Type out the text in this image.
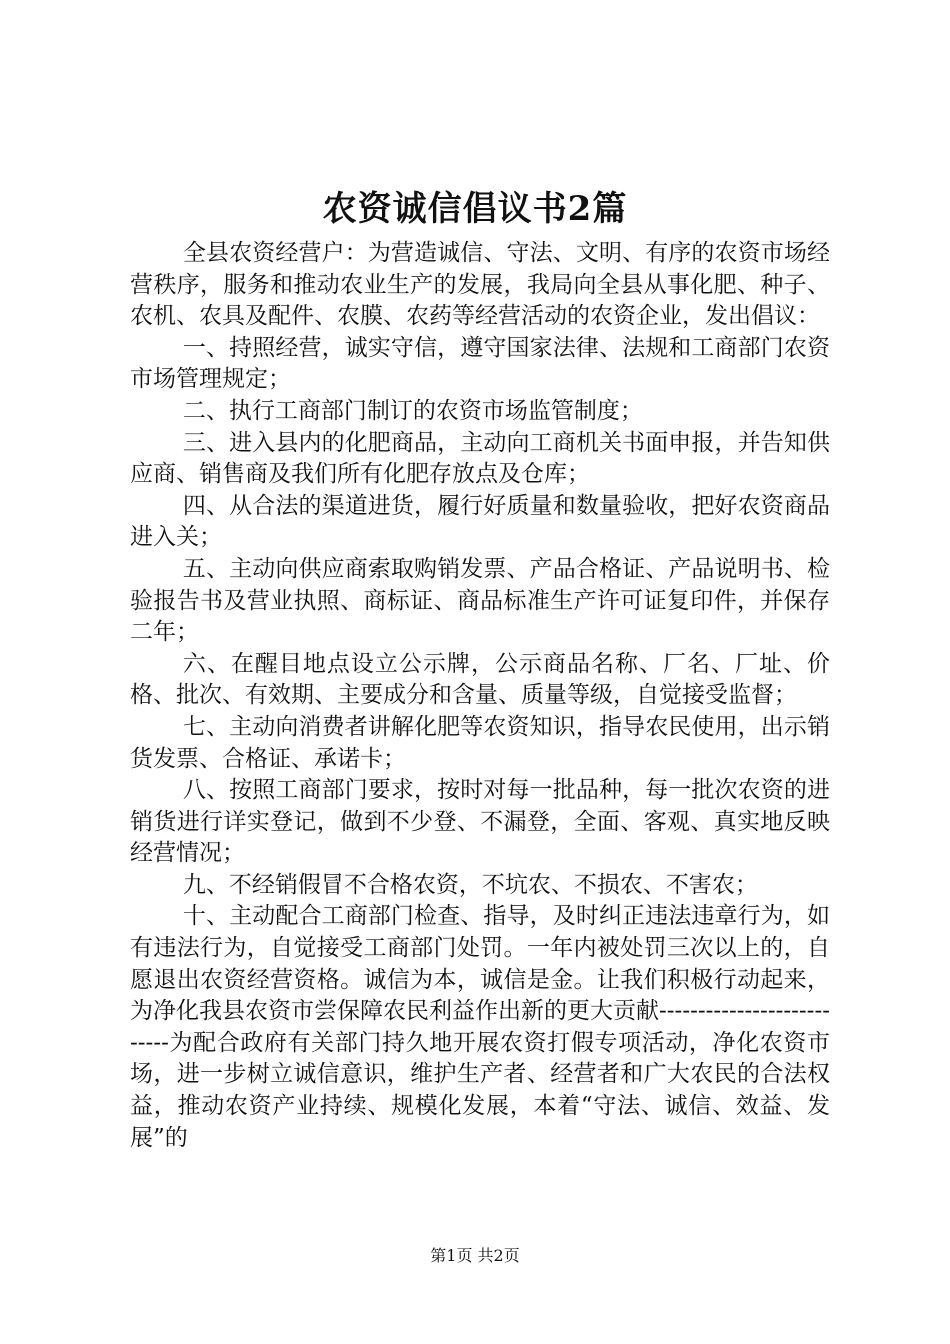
农资诚信倡议书2篇

全县农资经营户：为营造诚信、守法、文明、有序的农资市场经营秩序，服务和推动农业生产的发展，我局向全县从事化肥、种子、农机、农具及配件、农膜、农药等经营活动的农资企业，发出倡议：

一、持照经营，诚实守信，遵守国家法律、法规和工商部门农资市场管理规定；

二、执行工商部门制订的农资市场监管制度；

三、进入县内的化肥商品，主动向工商机关书面申报，并告知供应商、销售商及我们所有化肥存放点及仓库；

四、从合法的渠道进货，履行好质量和数量验收，把好农资商品进入关；

五、主动向供应商索取购销发票、产品合格证、产品说明书、检验报告书及营业执照、商标证、商品标准生产许可证复印件，并保存二年；

六、在醒目地点设立公示牌，公示商品名称、厂名、厂址、价格、批次、有效期、主要成分和含量、质量等级，自觉接受监督；

七、主动向消费者讲解化肥等农资知识，指导农民使用，出示销货发票、合格证、承诺卡；

八、按照工商部门要求，按时对每一批品种，每一批次农资的进销货进行详实登记，做到不少登、不漏登，全面、客观、真实地反映经营情况；

九、不经销假冒不合格农资，不坑农、不损农、不害农；

十、主动配合工商部门检查、指导，及时纠正违法违章行为，如有违法行为，自觉接受工商部门处罚。一年内被处罚三次以上的，自愿退出农资经营资格。诚信为本，诚信是金。让我们积极行动起来，为净化我县农资市尝保障农民利益作出新的更大贡献---------------------------为配合政府有关部门持久地开展农资打假专项活动，净化农资市场，进一步树立诚信意识，维护生产者、经营者和广大农民的合法权益，推动农资产业持续、规模化发展，本着“守法、诚信、效益、发展”的

第1页 共2页
